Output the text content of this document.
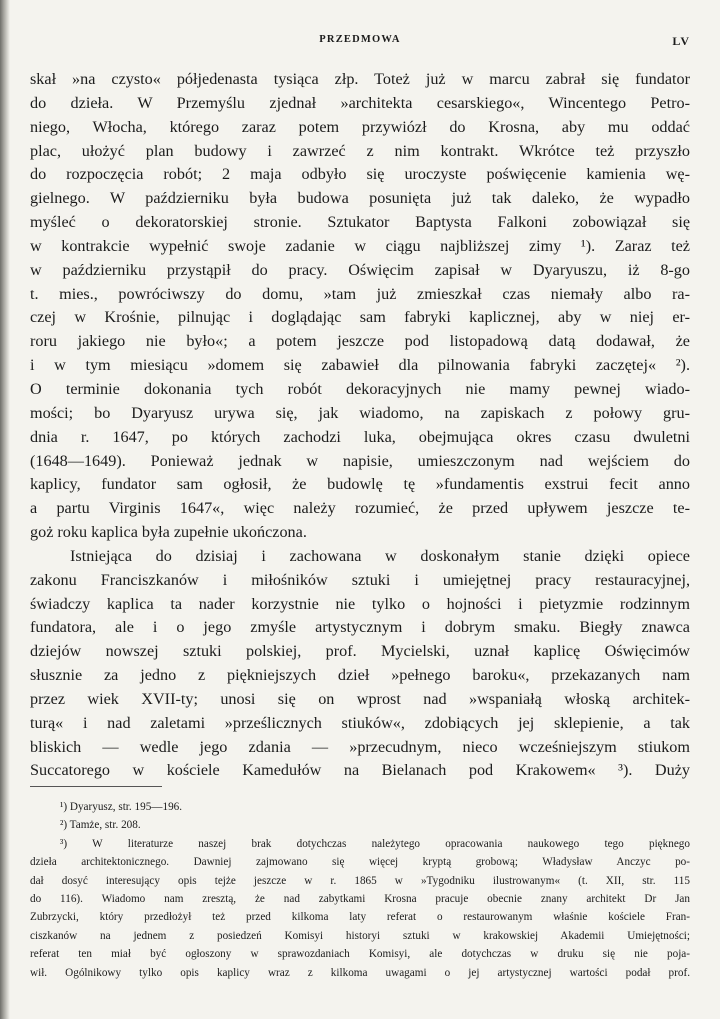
PRZEDMOWA	LV
skał »na czysto« półjedenasta tysiąca złp. Toteż już w marcu zabrał się fundator
do dzieła. W Przemyślu zjednał »architekta cesarskiego«, Wincentego Petro-
niego, Włocha, którego zaraz potem przywiózł do Krosna, aby mu oddać
plac, ułożyć plan budowy i zawrzeć z nim kontrakt. Wkrótce też przyszło
do rozpoczęcia robót; 2 maja odbyło się uroczyste poświęcenie kamienia wę-
gielnego. W październiku była budowa posunięta już tak daleko, że wypadło
myśleć o dekoratorskiej stronie. Sztukator Baptysta Falkoni zobowiązał się
w kontrakcie wypełnić swoje zadanie w ciągu najbliższej zimy ¹). Zaraz też
w październiku przystąpił do pracy. Oświęcim zapisał w Dyaryuszu, iż 8-go
t. mies., powróciwszy do domu, »tam już zmieszkał czas niemały albo ra-
czej w Krośnie, pilnując i doglądając sam fabryki kaplicznej, aby w niej er-
roru jakiego nie było«; a potem jeszcze pod listopadową datą dodawał, że
i w tym miesiącu »domem się zabawieł dla pilnowania fabryki zaczętej« ²).
O terminie dokonania tych robót dekoracyjnych nie mamy pewnej wiado-
mości; bo Dyaryusz urywa się, jak wiadomo, na zapiskach z połowy gru-
dnia r. 1647, po których zachodzi luka, obejmująca okres czasu dwuletni
(1648—1649). Ponieważ jednak w napisie, umieszczonym nad wejściem do
kaplicy, fundator sam ogłosił, że budowlę tę »fundamentis exstrui fecit anno
a partu Virginis 1647«, więc należy rozumieć, że przed upływem jeszcze te-
goż roku kaplica była zupełnie ukończona.
Istniejąca do dzisiaj i zachowana w doskonałym stanie dzięki opiece
zakonu Franciszkanów i miłośników sztuki i umiejętnej pracy restauracyjnej,
świadczy kaplica ta nader korzystnie nie tylko o hojności i pietyzmie rodzinnym
fundatora, ale i o jego zmyśle artystycznym i dobrym smaku. Biegły znawca
dziejów nowszej sztuki polskiej, prof. Mycielski, uznał kaplicę Oświęcimów
słusznie za jedno z piękniejszych dzieł »pełnego baroku«, przekazanych nam
przez wiek XVII-ty; unosi się on wprost nad »wspaniałą włoską architek-
turą« i nad zaletami »prześlicznych stiuków«, zdobiących jej sklepienie, a tak
bliskich — wedle jego zdania — »przecudnym, nieco wcześniejszym stiukom
Succatorego w kościele Kamedułów na Bielanach pod Krakowem« ³). Duży
¹) Dyaryusz, str. 195—196.
²) Tamże, str. 208.
³) W literaturze naszej brak dotychczas należytego opracowania naukowego tego pięknego
dzieła architektonicznego. Dawniej zajmowano się więcej kryptą grobową; Władysław Anczyc po-
dał dosyć interesujący opis tejże jeszcze w r. 1865 w »Tygodniku ilustrowanym« (t. XII, str. 115
do 116). Wiadomo nam zresztą, że nad zabytkami Krosna pracuje obecnie znany architekt Dr Jan
Zubrzycki, który przedłożył też przed kilkoma laty referat o restaurowanym właśnie kościele Fran-
ciszkanów na jednem z posiedzeń Komisyi historyi sztuki w krakowskiej Akademii Umiejętności;
referat ten miał być ogłoszony w sprawozdaniach Komisyi, ale dotychczas w druku się nie poja-
wił. Ogólnikowy tylko opis kaplicy wraz z kilkoma uwagami o jej artystycznej wartości podał prof.
